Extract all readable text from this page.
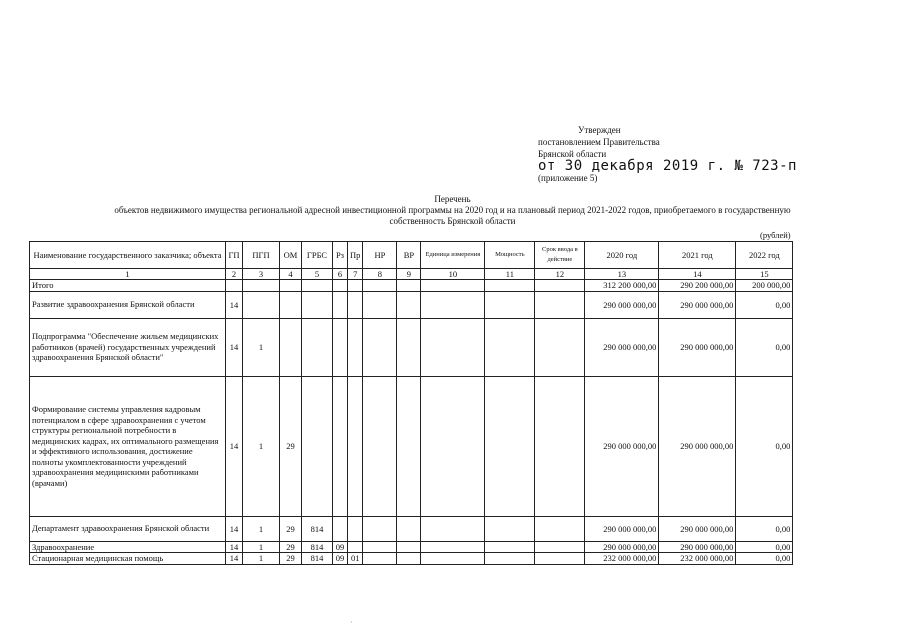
Утвержден
постановлением Правительства
Брянской области
от 30 декабря 2019 г. № 723-п
(приложение 5)
Перечень
объектов недвижимого имущества региональной адресной инвестиционной программы на 2020 год и на плановый период 2021-2022 годов, приобретаемого в государственную
собственность Брянской области
(рублей)
Наименование государственного заказчика; объекта	ГП	ПГП	ОМ	ГРБС	Рз	Пр	НР	ВР	Единица измерения	Мощность	Срок ввода в действие	2020 год	2021 год	2022 год
1	2	3	4	5	6	7	8	9	10	11	12	13	14	15
Итого												312 200 000,00	290 200 000,00	200 000,00
Развитие здравоохранения Брянской области	14											290 000 000,00	290 000 000,00	0,00
Подпрограмма "Обеспечение жильем медицинских работников (врачей) государственных учреждений здравоохранения Брянской области"	14	1										290 000 000,00	290 000 000,00	0,00
Формирование системы управления кадровым потенциалом в сфере здравоохранения с учетом структуры региональной потребности в медицинских кадрах, их оптимального размещения и эффективного использования, достижение полноты укомплектованности учреждений здравоохранения медицинскими работниками (врачами)	14	1	29									290 000 000,00	290 000 000,00	0,00
Департамент здравоохранения Брянской области	14	1	29	814								290 000 000,00	290 000 000,00	0,00
Здравоохранение	14	1	29	814	09							290 000 000,00	290 000 000,00	0,00
Стационарная медицинская помощь	14	1	29	814	09	01						232 000 000,00	232 000 000,00	0,00
·
